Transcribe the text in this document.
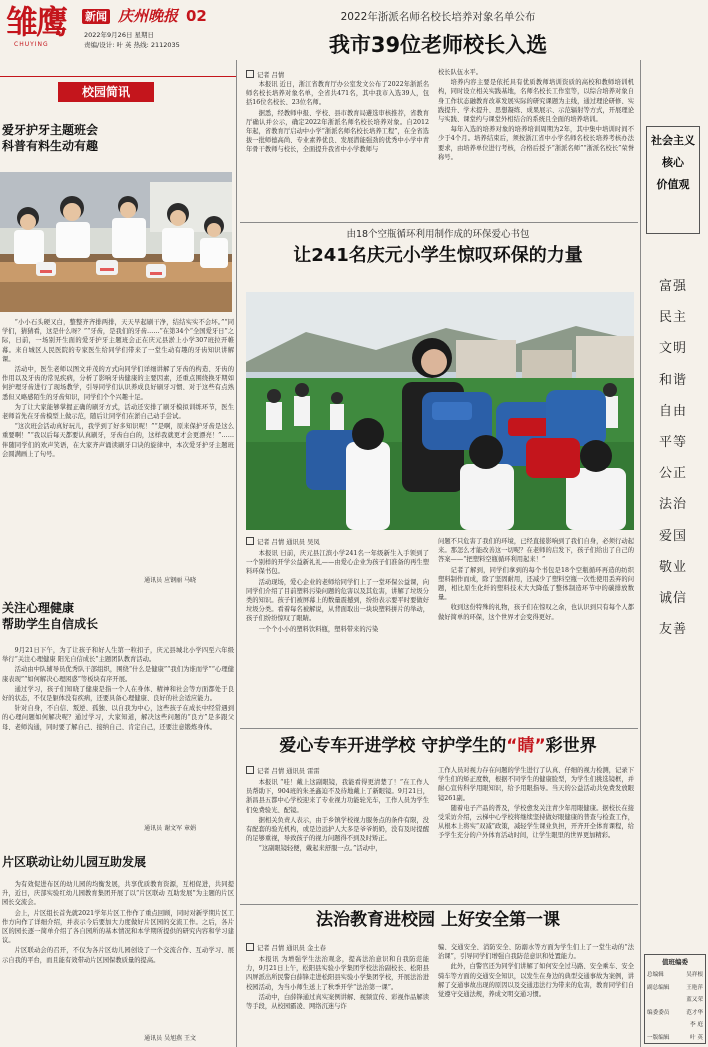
雏鹰
CHUYING
新闻 庆州晚报 02
2022年9月26日 星期日
责编/设计: 叶 英 热线: 2112035
校园简讯
爱牙护牙主题班会
科普有料生动有趣

“小小石头硬又白，整整齐齐排两排，天天早起刷干净，结结实实不会坏。”“同学们，猜猜看，这是什么呀？”“牙齿，是我们的牙齿……”在第34个“全国爱牙日”之际，日前，一场别开生面的爱牙护牙主题班会正在庆元县淤上小学307班拉开帷幕。来自城区人民医院的专家医生给同学们带来了一堂生动有趣的牙齿知识讲解课。

活动中，医生老师以图文并茂的方式向同学们详细讲解了牙齿的构造、牙齿的作用以及牙齿的常见疾病，分析了影响牙齿健康的主要因素，还重点围绕换牙期如何护理牙齿进行了现场教学，引导同学们认识养成良好刷牙习惯、对于这些有点熟悉但又略感陌生的牙齿知识，同学们个个兴趣十足。

为了让大家能够掌握正确的刷牙方式，活动还安排了刷牙模拟训练环节，医生老师首先在牙齿模型上做示范，随后让同学们在淤自己动手尝试。

“这次班会活动真好玩儿，我学到了好多知识呢！”“是啊，原来保护牙齿是这么重要啊！”“我以后每天都要认真刷牙，牙齿白白的，这样我就更才会更漂亮！”……伴随同学们的欢声笑语，在大家齐声诵读刷牙口诀的旋律中，本次爱牙护牙主题班会圆满画上了句号。

通讯员 应钢丽 马晓
关注心理健康
帮助学生自信成长

9月21日下午，为了让孩子和好人生第一粒扣子，庆元县城北小学四至六年级举行“关注心理健康 阳光自信成长”主题团队教育活动。

活动由中队辅导员优秀队干部组织，围绕“什么是健康”“我们为谁而学”“心理健康表现”“如何解决心理困惑”等板块有序开展。

通过学习，孩子们知晓了健康是指一个人在身体、精神和社会等方面都处于良好的状态，不仅是躯体没有疾病，还要具备心理健康、良好的社会适应能力。

针对自身，不自信、叛逆、孤独、以自我为中心，这些孩子在成长中经常遇到的心理问题如何解决呢？通过学习，大家知道，解决这些问题的“良方”是多跟父母、老师沟通，同时要了解自己、接纳自己、肯定自己，还要注意锻炼身体。

通讯员 谢文军 章娟
片区联动让幼儿园互助发展

为有效促进布区的幼儿园的均衡发展，共享优质教育资源，互相促进，共同提升，近日，庆部实验红幼儿园教育集团开展了以“片区联动 互助发展”为主题的片区园长交流会。

会上，片区组长首先就2021学年片区工作作了重点回顾，同时对新学期片区工作方向作了详细介绍，并表示今后要加大力度做好片区园的交流工作。之后，各片区的园长逐一简单介绍了各自园所的基本情况和本学期所提供的研究内容和学习建议。

片区联动会的召开，不仅为各片区幼儿园创设了一个交流合作、互动学习、展示自我的平台，而且能有效带动片区园保教质量的提高。

通讯员 吴旭燕 王文
2022年浙派名师名校长培养对象名单公布
我市39位老师校长入选
记者 吕情

本报讯 近日，浙江省教育厅办公室发文公布了2022年浙派名师名校长培养对象名单，全省共471名，其中我市入选39人，包括16位名校长、23位名师。

据悉，经教师申报、学校、县市教育局遴选审核推荐，省教育厅确认并公示，确定2022年浙派名师名校长培养对象。自2012年起，省教育厅启动中小学“浙派名师名校长培养工程”，在全省选拔一批师德高尚、专业素养优良、发展潜能强劲的优秀中小学中青年骨干教师与校长，全面提升我省中小学教师与

校长队伍水平。

培养内容主要是依托具有优质教师培训资质的高校和教师培训机构，同时设立相关实践基地，名师名校长工作室等，以综合培养对象自身工作状态融教育改革发展实际的研究课题为主线，通过理论研修、实践提升、学术提升、思想凝练、成果展示、示范辐射等方式，开展理论与实践、课堂约与课堂外相结合的系统且全面的培养培训。

每年入选的培养对象的培养培训周期为2年，其中集中培训时间不少于4个月。培养结束后，须按浙江省中小学名师名校长培养考核办法要求，由培养单位进行考核，合格后授予“浙派名师”“浙派名校长”荣誉称号。

由18个空瓶循环利用制作成的环保爱心书包
让241名庆元小学生惊叹环保的力量
记者 吕情 通讯员 吴凤

本报讯 日前，庆元县江滨小学241名一年级新生入手领到了一个别样的开学公益新礼礼——由爱心企业为孩子们准备的再生塑料环保书包。

活动现场，爱心企业的老师给同学们上了一堂环保公益课，向同学们介绍了目前塑料污染问题的危害以及其危害，讲解了垃圾分类的知识。孩子们被屏幕上的数量震撼到，纷纷表示要平时要做好垃圾分类。看着每名被解说，从背面取出一块块塑料拼片的举动，孩子们纷纷惊叹了眼睛。

一个个小小的塑料饮料瓶，塑料带来的污染

问题不只危害了我们的环境，已经直接影响到了我们自身，必须行动起来。那怎么才能改善这一切呢？在老师的启发下，孩子们给出了自己的答案——“把塑料空瓶循环利用起来！”

记者了解到，同学们拿到的每个书包是18个空瓶循环再造的纺织塑料制作而成，除了坚固耐用，还减少了塑料空瓶一次性使用丢弃的问题，相比原生化纤的塑料技术大大降低了整体制造环节中的碳排放数量。

收到这份特殊的礼物，孩子们在惊叹之余，也认识到只有每个人都做好简单的环保，这个世界才会变得更好。

爱心专车开进学校 守护学生的“睛”彩世界
记者 吕情 通讯员 雷雷

本报讯 “哇！戴上这副眼镜，我能看得更清楚了！”在工作人员帮助下，904班的朱圣鑫迫不及待地戴上了新眼镜。9月21日，浙昌县五都中心学校迎来了专业视力功能轮光车，工作人员为学生们免费验光、配镜。

据相关负责人表示，由于乡镇学校视力服务点的条件有限，没有配套的验光机构，或是边远护人大多是爷爷奶奶，没有及时提醒的足够重视，导致孩子的视力问题得不到及时矫正。

“这副眼镜轻便，戴起来舒服一点。”活动中，

工作人员对视力存在问题的学生进行了认真、仔细的视力检测，记录下学生们的矫正度数，根据不同学生的健康脸型，为学生们挑选镜框，并耐心宣传科学用眼知识，给予用眼指导。当天的公益活动共免费发放眼镜261副。

随着电子产品的普及，学校愈发关注青少年用眼健康。据校长在接受采访介绍，云梯中心学校将继续坚持做好眼健康的普查与检查工作，从根本上将实“双减”政策，减轻学生课业负担，开齐开全体育课程，给予学生充分的户外体育活动时间，让学生眼里的世界更加精彩。

法治教育进校园 上好安全第一课
记者 吕情 通讯员 金土春

本报讯 为增强学生法治观念，提高法治意识和自我防范能力，9月21日上午，松阳县实验小学集团学校法治副校长、松阳县四屏派出所民警白薛锋走进松阳县实验小学集团学校，开展法治进校园活动，为当小师生送上了秋季开学“法治第一课”。

活动中，白薛锋通过真实案例讲解、视频宣传、彩视作品解读等手段，从校园霸凌、网络沉迷与诈

骗、交通安全、消防安全、防溺水等方面为学生们上了一堂生动的“法治课”，引导同学们增强自我防范意识和处置能力。

此外，白警官还为同学们讲解了如何安全过马路、安全乘车、安全骑车等方面的交通安全知识，以发生在身边的典型交通事故为案例，讲解了交通事故出现的原因以及交通违法行为带来的危害，教育同学们自觉遵守交通法规，养成文明交通习惯。

社会主义
核心
价值观
富强
民主
文明
和谐
自由
平等
公正
法治
爱国
敬业
诚信
友善
值班编委
总编辑	吴祥根
副总编辑	王艳萍
蓝又荣
编委委员	范才华
李 庭
一版编辑	叶 英
